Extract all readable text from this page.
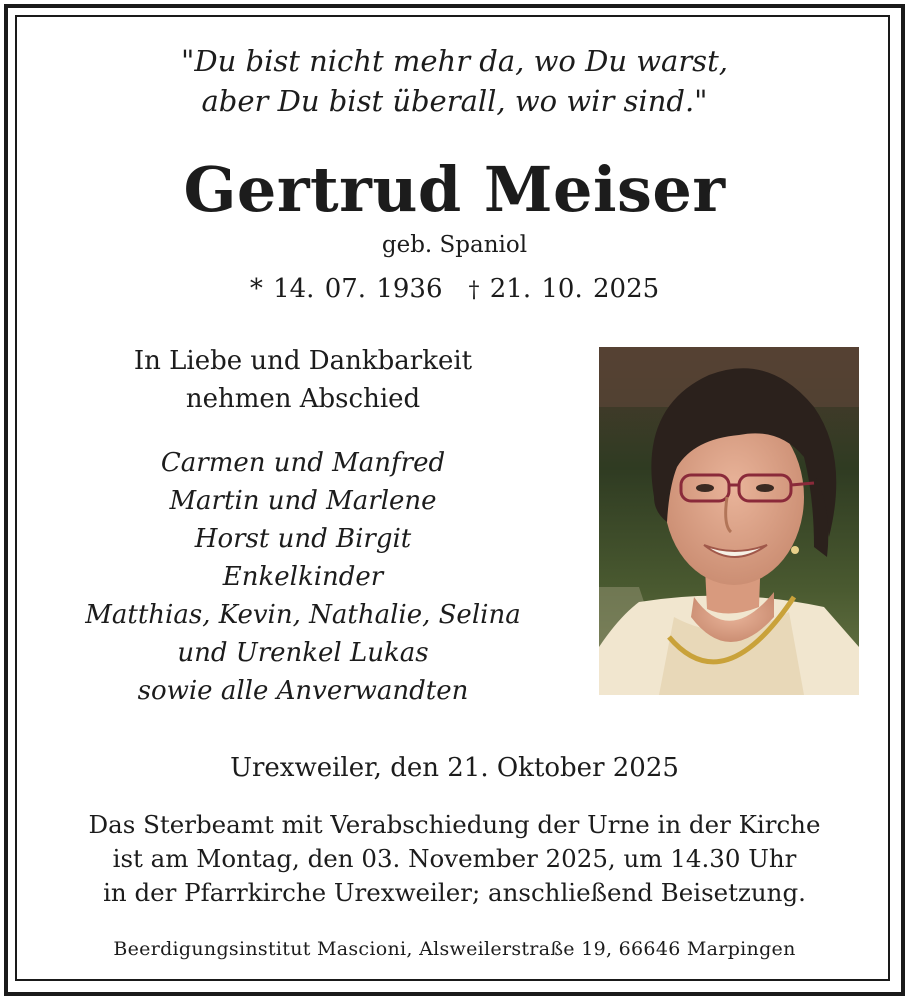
"Du bist nicht mehr da, wo Du warst,
aber Du bist überall, wo wir sind."
Gertrud Meiser
geb. Spaniol
* 14. 07. 1936 † 21. 10. 2025
In Liebe und Dankbarkeit
nehmen Abschied
Carmen und Manfred
Martin und Marlene
Horst und Birgit
Enkelkinder
Matthias, Kevin, Nathalie, Selina
und Urenkel Lukas
sowie alle Anverwandten
Urexweiler, den 21. Oktober 2025
Das Sterbeamt mit Verabschiedung der Urne in der Kirche
ist am Montag, den 03. November 2025, um 14.30 Uhr
in der Pfarrkirche Urexweiler; anschließend Beisetzung.
Beerdigungsinstitut Mascioni, Alsweilerstraße 19, 66646 Marpingen
